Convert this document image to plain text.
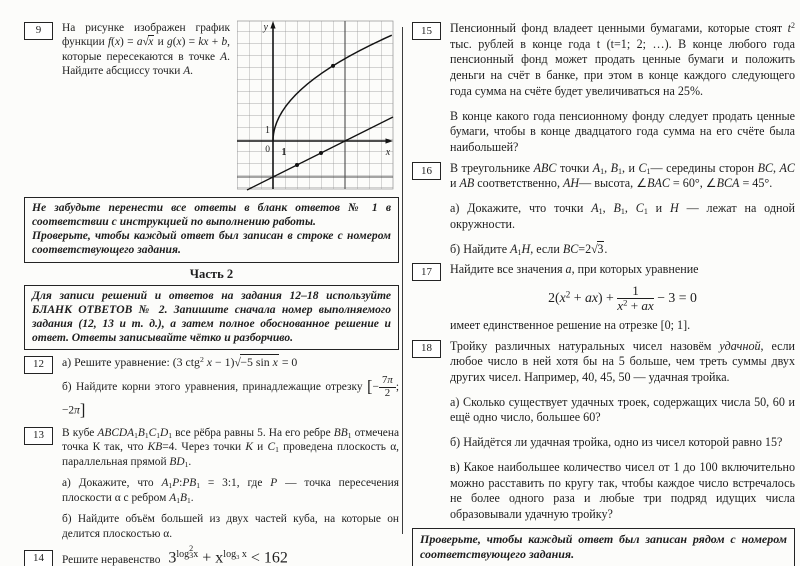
9	На рисунке изображен график функции f(x) = a√x и g(x) = kx + b, которые пересекаются в точке A. Найдите абсциссу точки A.
y
x
0 1
1
Не забудьте перенести все ответы в бланк ответов № 1 в соответствии с инструкцией по выполнению работы.
Проверьте, чтобы каждый ответ был записан в строке с номером соответствующего задания.
Часть 2
Для записи решений и ответов на задания 12–18 используйте БЛАНК ОТВЕТОВ № 2. Запишите сначала номер выполняемого задания (12, 13 и т. д.), а затем полное обоснованное решение и ответ. Ответы записывайте чётко и разборчиво.
12	а) Решите уравнение: (3 ctg$^2$ x − 1)√−5 sin x = 0
б) Найдите корни этого уравнения, принадлежащие отрезку [− $\frac{7\pi}{2}$ ; −2π]
13	В кубе $ABCDA_1B_1C_1D_1$ все рёбра равны 5. На его ребре $BB_1$ отмечена точка К так, что KB=4. Через точки K и $C_1$ проведена плоскость α, параллельная прямой $BD_1$.
а) Докажите, что $A_1P:PB_1$ = 3:1, где P — точка пересечения плоскости α с ребром $A_1B_1$.
б) Найдите объём большей из двух частей куба, на которые он делится плоскостью α.
14	Решите неравенство $3^{log 2 3 x} + x^{log_3 x} < 162$
15	Пенсионный фонд владеет ценными бумагами, которые стоят $t^2$ тыс. рублей в конце года t (t=1; 2; …). В конце любого года пенсионный фонд может продать ценные бумаги и положить деньги на счёт в банке, при этом в конце каждого следующего года сумма на счёте будет увеличиваться на 25%.
В конце какого года пенсионному фонду следует продать ценные бумаги, чтобы в конце двадцатого года сумма на его счёте была наибольшей?
16	В треугольнике ABC точки $A_1$, $B_1$, и $C_1—$ середины сторон BC, AC и AB соответственно, AH— высота, ∠BAC = 60°, ∠BCA = 45°.
а) Докажите, что точки $A_1$, $B_1$, $C_1$ и H — лежат на одной окружности.
б) Найдите $A_1H$, если BC=2√3.
17	Найдите все значения a, при которых уравнение
$2(x^2 + ax) + \frac{1}{x^2 + ax} - 3 = 0$
имеет единственное решение на отрезке [0; 1].
18	Тройку различных натуральных чисел назовём удачной, если любое число в ней хотя бы на 5 больше, чем треть суммы двух других чисел. Например, 40, 45, 50 — удачная тройка.
а) Сколько существует удачных троек, содержащих числа 50, 60 и ещё одно число, большее 60?
б) Найдётся ли удачная тройка, одно из чисел которой равно 15?
в) Какое наибольшее количество чисел от 1 до 100 включительно можно расставить по кругу так, чтобы каждое число встречалось не более одного раза и любые три подряд идущих числа образовывали удачную тройку?
Проверьте, чтобы каждый ответ был записан рядом с номером соответствующего задания.
